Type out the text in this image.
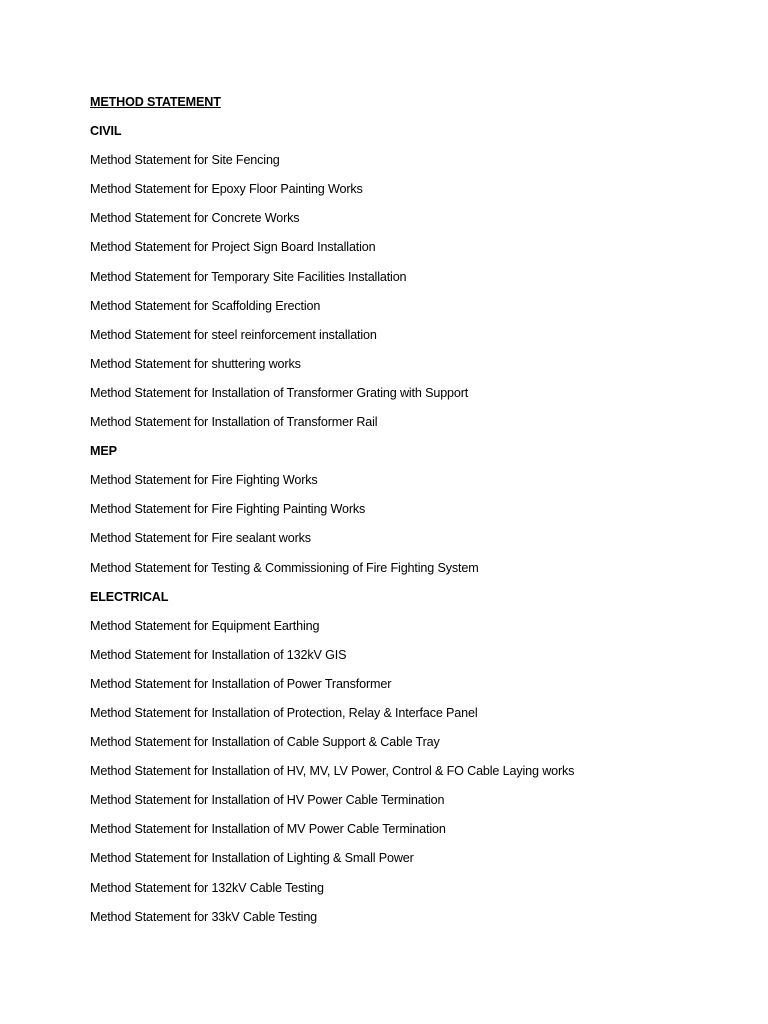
METHOD STATEMENT
CIVIL
Method Statement for Site Fencing
Method Statement for Epoxy Floor Painting Works
Method Statement for Concrete Works
Method Statement for Project Sign Board Installation
Method Statement for Temporary Site Facilities Installation
Method Statement for Scaffolding Erection
Method Statement for steel reinforcement installation
Method Statement for shuttering works
Method Statement for Installation of Transformer Grating with Support
Method Statement for Installation of Transformer Rail
MEP
Method Statement for Fire Fighting Works
Method Statement for Fire Fighting Painting Works
Method Statement for Fire sealant works
Method Statement for Testing & Commissioning of Fire Fighting System
ELECTRICAL
Method Statement for Equipment Earthing
Method Statement for Installation of 132kV GIS
Method Statement for Installation of Power Transformer
Method Statement for Installation of Protection, Relay & Interface Panel
Method Statement for Installation of Cable Support & Cable Tray
Method Statement for Installation of HV, MV, LV Power, Control & FO Cable Laying works
Method Statement for Installation of HV Power Cable Termination
Method Statement for Installation of MV Power Cable Termination
Method Statement for Installation of Lighting & Small Power
Method Statement for 132kV Cable Testing
Method Statement for 33kV Cable Testing
